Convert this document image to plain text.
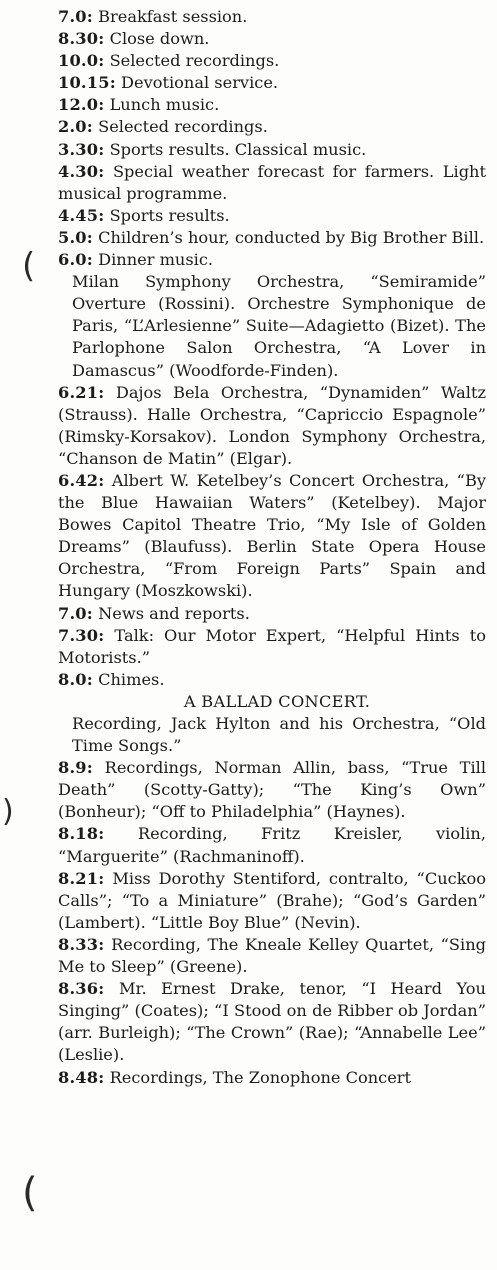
(
)
(

7.0: Breakfast session.

8.30: Close down.

10.0: Selected recordings.

10.15: Devotional service.

12.0: Lunch music.

2.0: Selected recordings.

3.30: Sports results. Classical music.

4.30: Special weather forecast for farmers. Light musical programme.

4.45: Sports results.

5.0: Children’s hour, conducted by Big Brother Bill.

6.0: Dinner music.

Milan Symphony Orchestra, “Semiramide” Overture (Rossini). Orchestre Symphonique de Paris, “L’Arlesienne” Suite—Adagietto (Bizet). The Parlophone Salon Orchestra, “A Lover in Damascus” (Woodforde-Finden).

6.21: Dajos Bela Orchestra, “Dynamiden” Waltz (Strauss). Halle Orchestra, “Capriccio Espagnole” (Rimsky-Korsakov). London Symphony Orchestra, “Chanson de Matin” (Elgar).

6.42: Albert W. Ketelbey’s Concert Orchestra, “By the Blue Hawaiian Waters” (Ketelbey). Major Bowes Capitol Theatre Trio, “My Isle of Golden Dreams” (Blaufuss). Berlin State Opera House Orchestra, “From Foreign Parts” Spain and Hungary (Moszkowski).

7.0: News and reports.

7.30: Talk: Our Motor Expert, “Helpful Hints to Motorists.”

8.0: Chimes.

A BALLAD CONCERT.

Recording, Jack Hylton and his Orchestra, “Old Time Songs.”

8.9: Recordings, Norman Allin, bass, “True Till Death” (Scotty-Gatty); “The King’s Own” (Bonheur); “Off to Philadelphia” (Haynes).

8.18: Recording, Fritz Kreisler, violin, “Marguerite” (Rachmaninoff).

8.21: Miss Dorothy Stentiford, contralto, “Cuckoo Calls”; “To a Miniature” (Brahe); “God’s Garden” (Lambert). “Little Boy Blue” (Nevin).

8.33: Recording, The Kneale Kelley Quartet, “Sing Me to Sleep” (Greene).

8.36: Mr. Ernest Drake, tenor, “I Heard You Singing” (Coates); “I Stood on de Ribber ob Jordan” (arr. Burleigh); “The Crown” (Rae); “Annabelle Lee” (Leslie).

8.48: Recordings, The Zonophone Concert
